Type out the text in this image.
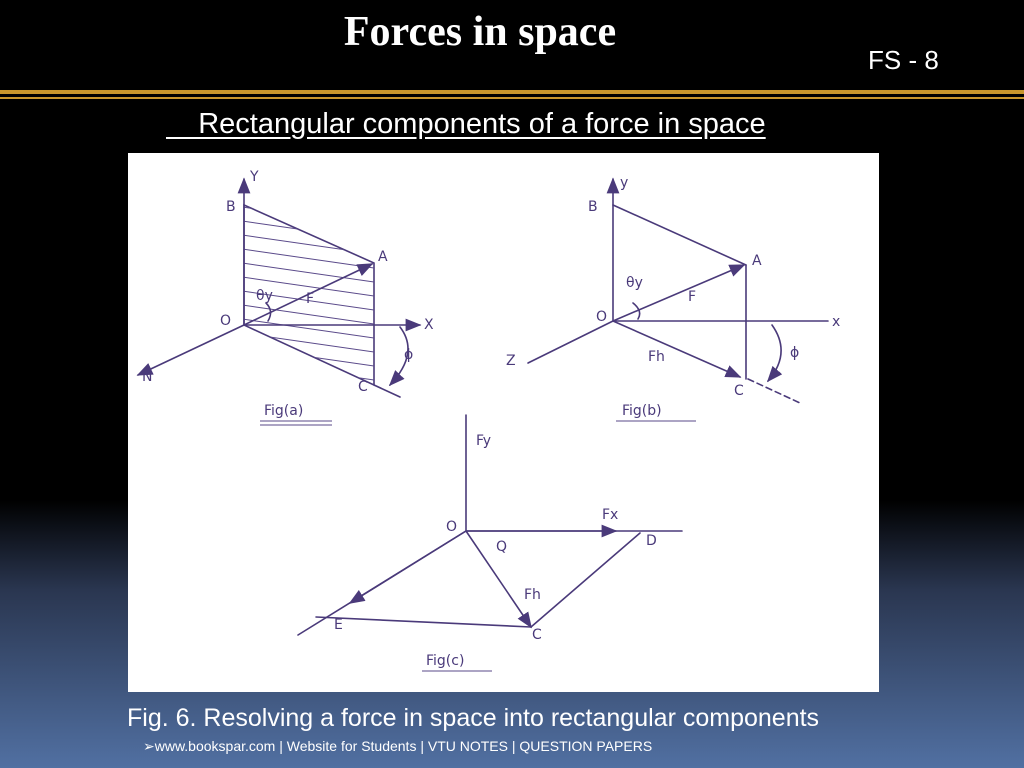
Forces in space
FS - 8
Rectangular components of a force in space
Y
X
N
O
B
A
C
F
θy
ϕ
Fig(a)
y
x
Z
O
B
A
C
F
Fh
θy
ϕ
Fig(b)
Fy
O
D
E
C
Q
Fx
Fh
Fig(c)
Fig. 6. Resolving a force in space into rectangular components
➢www.bookspar.com | Website for Students | VTU NOTES | QUESTION PAPERS
